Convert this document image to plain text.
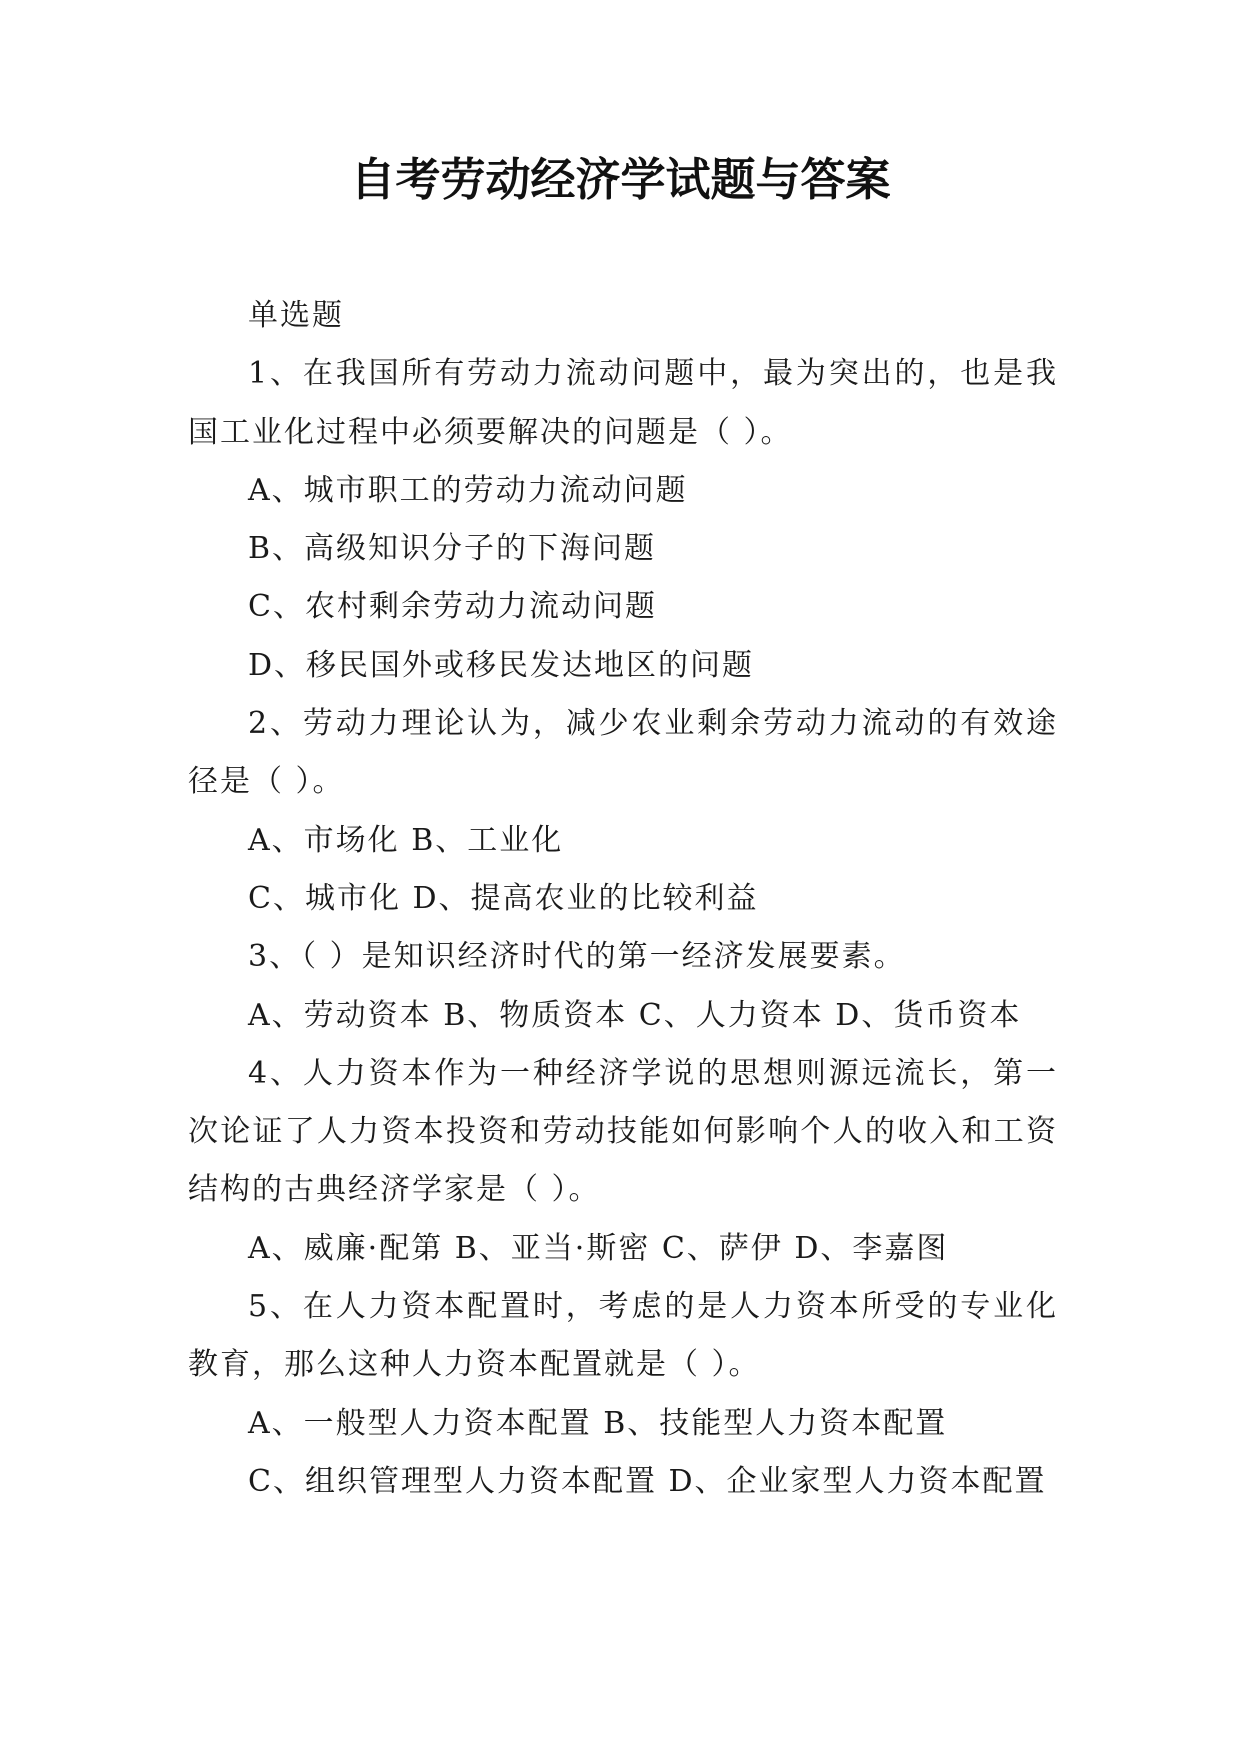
自考劳动经济学试题与答案

单选题

1、在我国所有劳动力流动问题中，最为突出的，也是我国工业化过程中必须要解决的问题是（ ）。

A、城市职工的劳动力流动问题

B、高级知识分子的下海问题

C、农村剩余劳动力流动问题

D、移民国外或移民发达地区的问题

2、劳动力理论认为，减少农业剩余劳动力流动的有效途径是（ ）。

A、市场化 B、工业化

C、城市化 D、提高农业的比较利益

3、（ ）是知识经济时代的第一经济发展要素。

A、劳动资本 B、物质资本 C、人力资本 D、货币资本

4、人力资本作为一种经济学说的思想则源远流长，第一次论证了人力资本投资和劳动技能如何影响个人的收入和工资结构的古典经济学家是（ ）。

A、威廉·配第 B、亚当·斯密 C、萨伊 D、李嘉图

5、在人力资本配置时，考虑的是人力资本所受的专业化教育，那么这种人力资本配置就是（ ）。

A、一般型人力资本配置 B、技能型人力资本配置

C、组织管理型人力资本配置 D、企业家型人力资本配置
